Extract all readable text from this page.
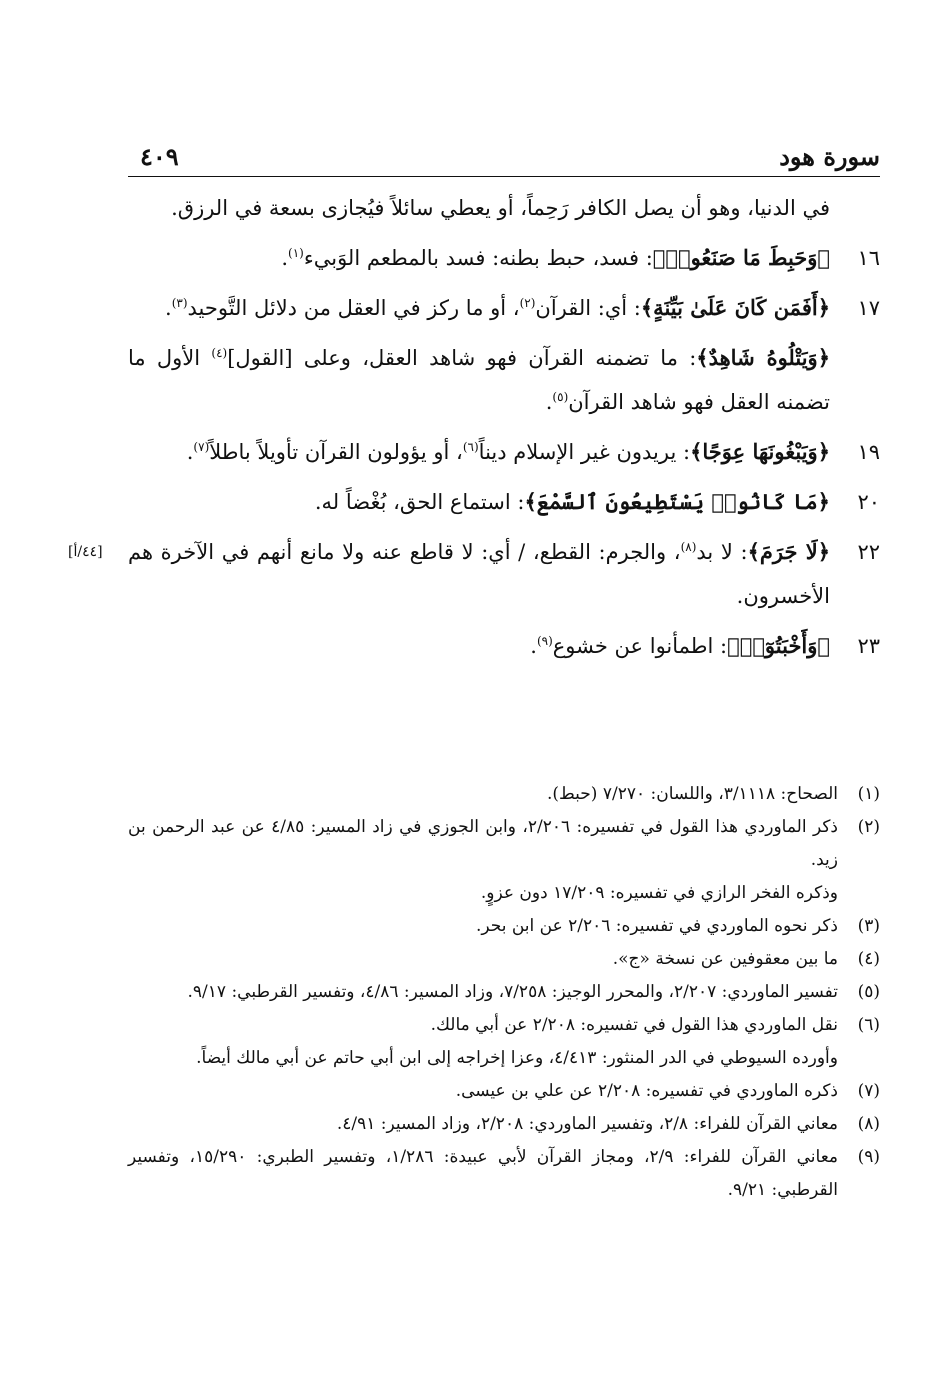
سورة هود
٤٠٩
في الدنيا، وهو أن يصل الكافر رَحِماً، أو يعطي سائلاً فيُجازى بسعة في الرزق.
١٦
﴿وَحَبِطَ مَا صَنَعُوا۟﴾: فسد، حبط بطنه: فسد بالمطعم الوَبيء$^{(١)}$.
١٧
﴿أَفَمَن كَانَ عَلَىٰ بَيِّنَةٍ﴾: أي: القرآن$^{(٢)}$، أو ما ركز في العقل من دلائل التَّوحيد$^{(٣)}$.
﴿وَيَتْلُوهُ شَاهِدٌ﴾: ما تضمنه القرآن فهو شاهد العقل، وعلى [القول]$^{(٤)}$ الأول ما تضمنه العقل فهو شاهد القرآن$^{(٥)}$.
١٩
﴿وَيَبْغُونَهَا عِوَجًا﴾: يريدون غير الإسلام ديناً$^{(٦)}$، أو يؤولون القرآن تأويلاً باطلاً$^{(٧)}$.
٢٠
﴿مَا كَانُوا۟ يَسْتَطِيعُونَ ٱلسَّمْعَ﴾: استماع الحق، بُغْضاً له.
٢٢
[٤٤/أ]	﴿لَا جَرَمَ﴾: لا بد$^{(٨)}$، والجرم: القطع، / أي: لا قاطع عنه ولا مانع أنهم في الآخرة هم الأخسرون.
٢٣
﴿وَأَخْبَتُوٓا۟﴾: اطمأنوا عن خشوع$^{(٩)}$.
(١)
الصحاح: ٣/١١١٨، واللسان: ٧/٢٧٠ (حبط).
(٢)
ذكر الماوردي هذا القول في تفسيره: ٢/٢٠٦، وابن الجوزي في زاد المسير: ٤/٨٥ عن عبد الرحمن بن زيد.
وذكره الفخر الرازي في تفسيره: ١٧/٢٠٩ دون عزوٍ.
(٣)
ذكر نحوه الماوردي في تفسيره: ٢/٢٠٦ عن ابن بحر.
(٤)
ما بين معقوفين عن نسخة «ج».
(٥)
تفسير الماوردي: ٢/٢٠٧، والمحرر الوجيز: ٧/٢٥٨، وزاد المسير: ٤/٨٦، وتفسير القرطبي: ٩/١٧.
(٦)
نقل الماوردي هذا القول في تفسيره: ٢/٢٠٨ عن أبي مالك.
وأورده السيوطي في الدر المنثور: ٤/٤١٣، وعزا إخراجه إلى ابن أبي حاتم عن أبي مالك أيضاً.
(٧)
ذكره الماوردي في تفسيره: ٢/٢٠٨ عن علي بن عيسى.
(٨)
معاني القرآن للفراء: ٢/٨، وتفسير الماوردي: ٢/٢٠٨، وزاد المسير: ٤/٩١.
(٩)
معاني القرآن للفراء: ٢/٩، ومجاز القرآن لأبي عبيدة: ١/٢٨٦، وتفسير الطبري: ١٥/٢٩٠، وتفسير القرطبي: ٩/٢١.
